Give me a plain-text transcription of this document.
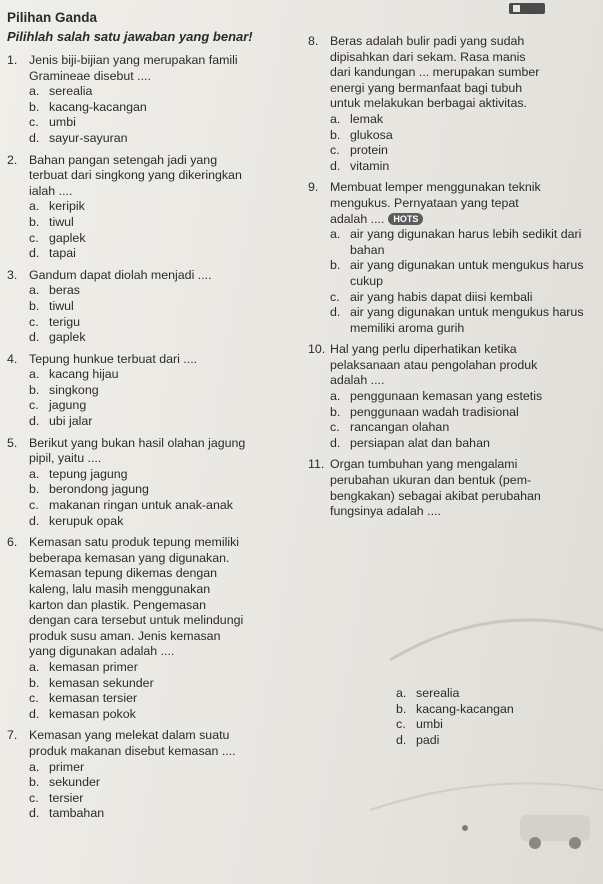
Pilihan Ganda
Pilihlah salah satu jawaban yang benar!
1. Jenis biji-bijian yang merupakan famili
Gramineae disebut ....
a. serealia
b. kacang-kacangan
c. umbi
d. sayur-sayuran
2. Bahan pangan setengah jadi yang
terbuat dari singkong yang dikeringkan
ialah ....
a. keripik
b. tiwul
c. gaplek
d. tapai
3. Gandum dapat diolah menjadi ....
a. beras
b. tiwul
c. terigu
d. gaplek
4. Tepung hunkue terbuat dari ....
a. kacang hijau
b. singkong
c. jagung
d. ubi jalar
5. Berikut yang bukan hasil olahan jagung
pipil, yaitu ....
a. tepung jagung
b. berondong jagung
c. makanan ringan untuk anak-anak
d. kerupuk opak
6. Kemasan satu produk tepung memiliki
beberapa kemasan yang digunakan.
Kemasan tepung dikemas dengan
kaleng, lalu masih menggunakan
karton dan plastik. Pengemasan
dengan cara tersebut untuk melindungi
produk susu aman. Jenis kemasan
yang digunakan adalah ....
a. kemasan primer
b. kemasan sekunder
c. kemasan tersier
d. kemasan pokok
7. Kemasan yang melekat dalam suatu
produk makanan disebut kemasan ....
a. primer
b. sekunder
c. tersier
d. tambahan
8. Beras adalah bulir padi yang sudah
dipisahkan dari sekam. Rasa manis
dari kandungan ... merupakan sumber
energi yang bermanfaat bagi tubuh
untuk melakukan berbagai aktivitas.
a. lemak
b. glukosa
c. protein
d. vitamin
9. Membuat lemper menggunakan teknik
mengukus. Pernyataan yang tepat
adalah .... HOTS
a. air yang digunakan harus lebih sedikit dari bahan
b. air yang digunakan untuk mengukus harus cukup
c. air yang habis dapat diisi kembali
d. air yang digunakan untuk mengukus harus memiliki aroma gurih
10. Hal yang perlu diperhatikan ketika
pelaksanaan atau pengolahan produk
adalah ....
a. penggunaan kemasan yang estetis
b. penggunaan wadah tradisional
c. rancangan olahan
d. persiapan alat dan bahan
11. Organ tumbuhan yang mengalami
perubahan ukuran dan bentuk (pem-
bengkakan) sebagai akibat perubahan
fungsinya adalah ....
a. serealia
b. kacang-kacangan
c. umbi
d. padi
